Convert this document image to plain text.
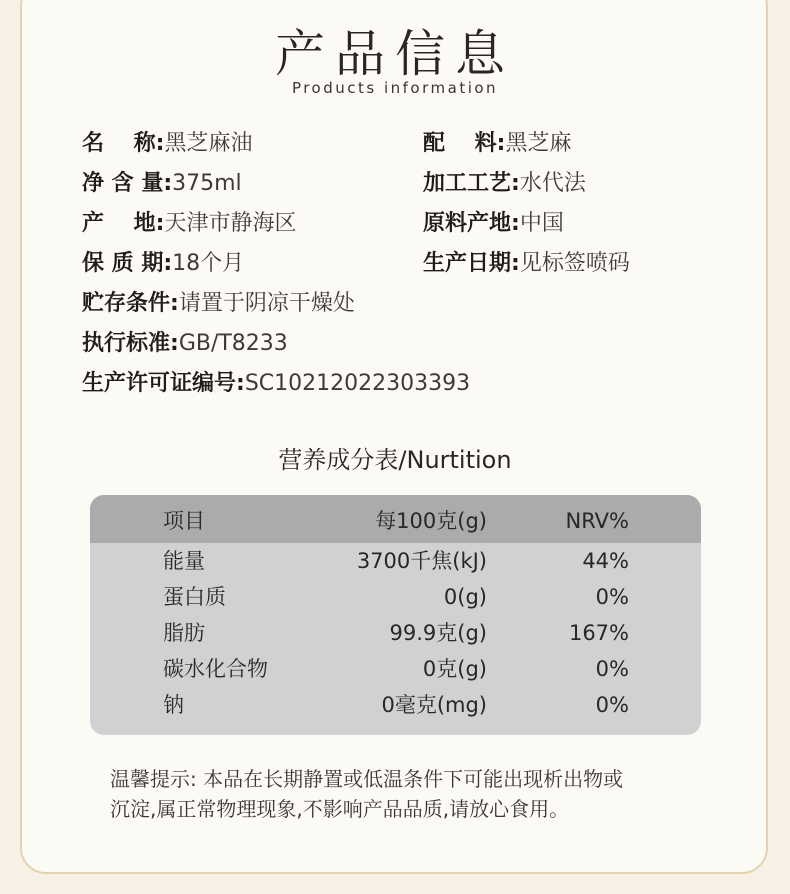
产品信息
Products information
名　 称:黑芝麻油	配　 料:黑芝麻
净 含 量:375ml	加工工艺:水代法
产　 地:天津市静海区	原料产地:中国
保 质 期:18个月	生产日期:见标签喷码
贮存条件:请置于阴凉干燥处
执行标准:GB/T8233
生产许可证编号:SC10212022303393
营养成分表/Nurtition
项目	每100克(g)	NRV%
能量	3700千焦(kJ)	44%
蛋白质	0(g)	0%
脂肪	99.9克(g)	167%
碳水化合物	0克(g)	0%
钠	0毫克(mg)	0%
温馨提示: 本品在长期静置或低温条件下可能出现析出物或
沉淀,属正常物理现象,不影响产品品质,请放心食用。
